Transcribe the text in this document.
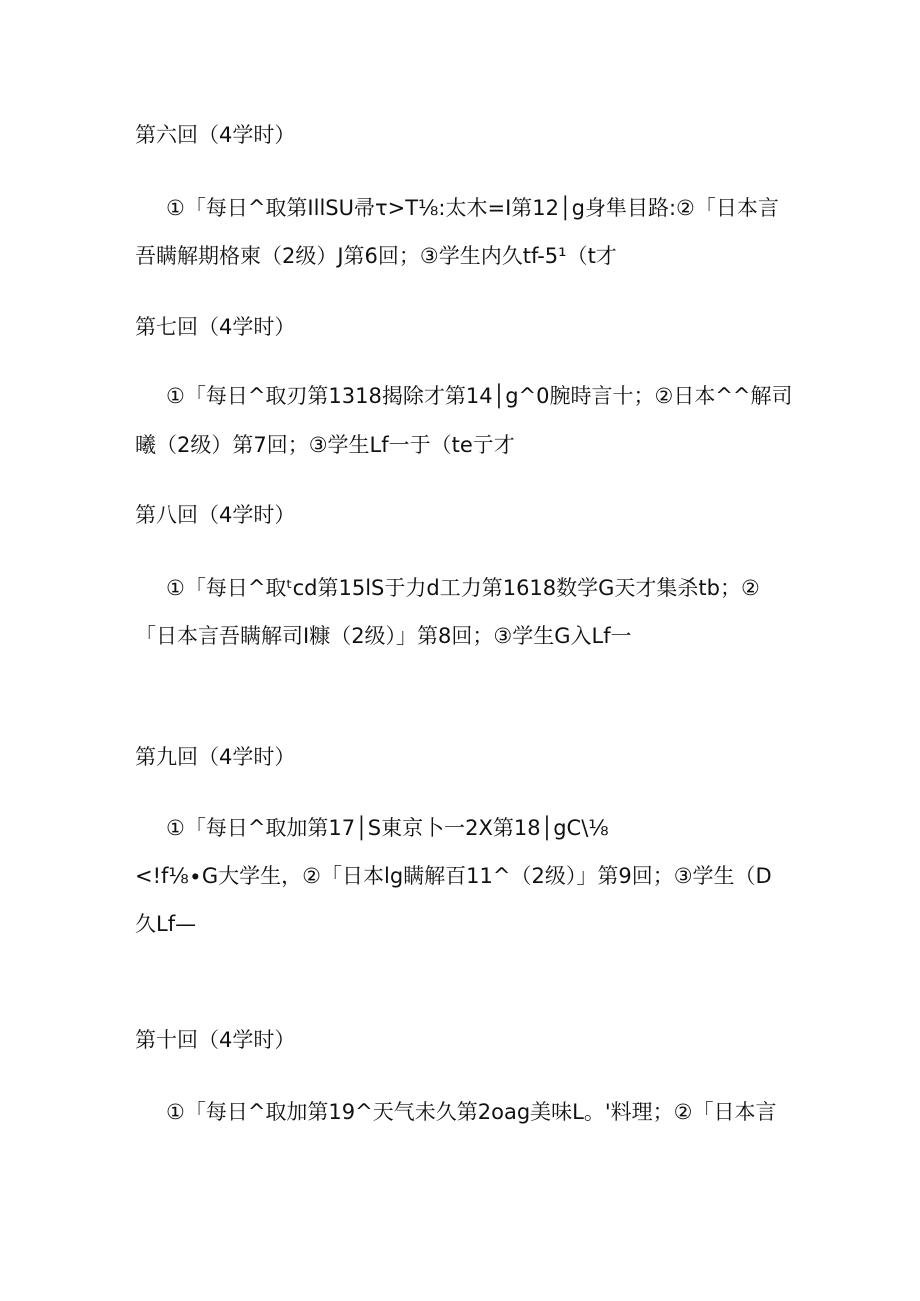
第六回（4学时）
①「每日^取第IllSU帚τ>T⅛:太木=I第12│g身隼目路:②「日本言
吾瞒解期格柬（2级）J第6回；③学生内久tf-5¹（t才
第七回（4学时）
①「每日^取刃第1318揭除才第14│g^0腕時言十；②日本^^解司
曦（2级）第7回；③学生Lf一于（te亍才
第八回（4学时）
①「每日^取ᵗcd第15lS于力d工力第1618数学G天才集杀tb；②
「日本言吾瞒解司I糠（2级）」第8回；③学生G入Lf一
第九回（4学时）
①「每日^取加第17│S東京卜一2X第18│gC\⅛
<!f⅛∙G大学生，②「日本lg瞒解百11^（2级）」第9回；③学生（D
久Lf—
第十回（4学时）
①「每日^取加第19^天气未久第2oag美味L。'料理；②「日本言
